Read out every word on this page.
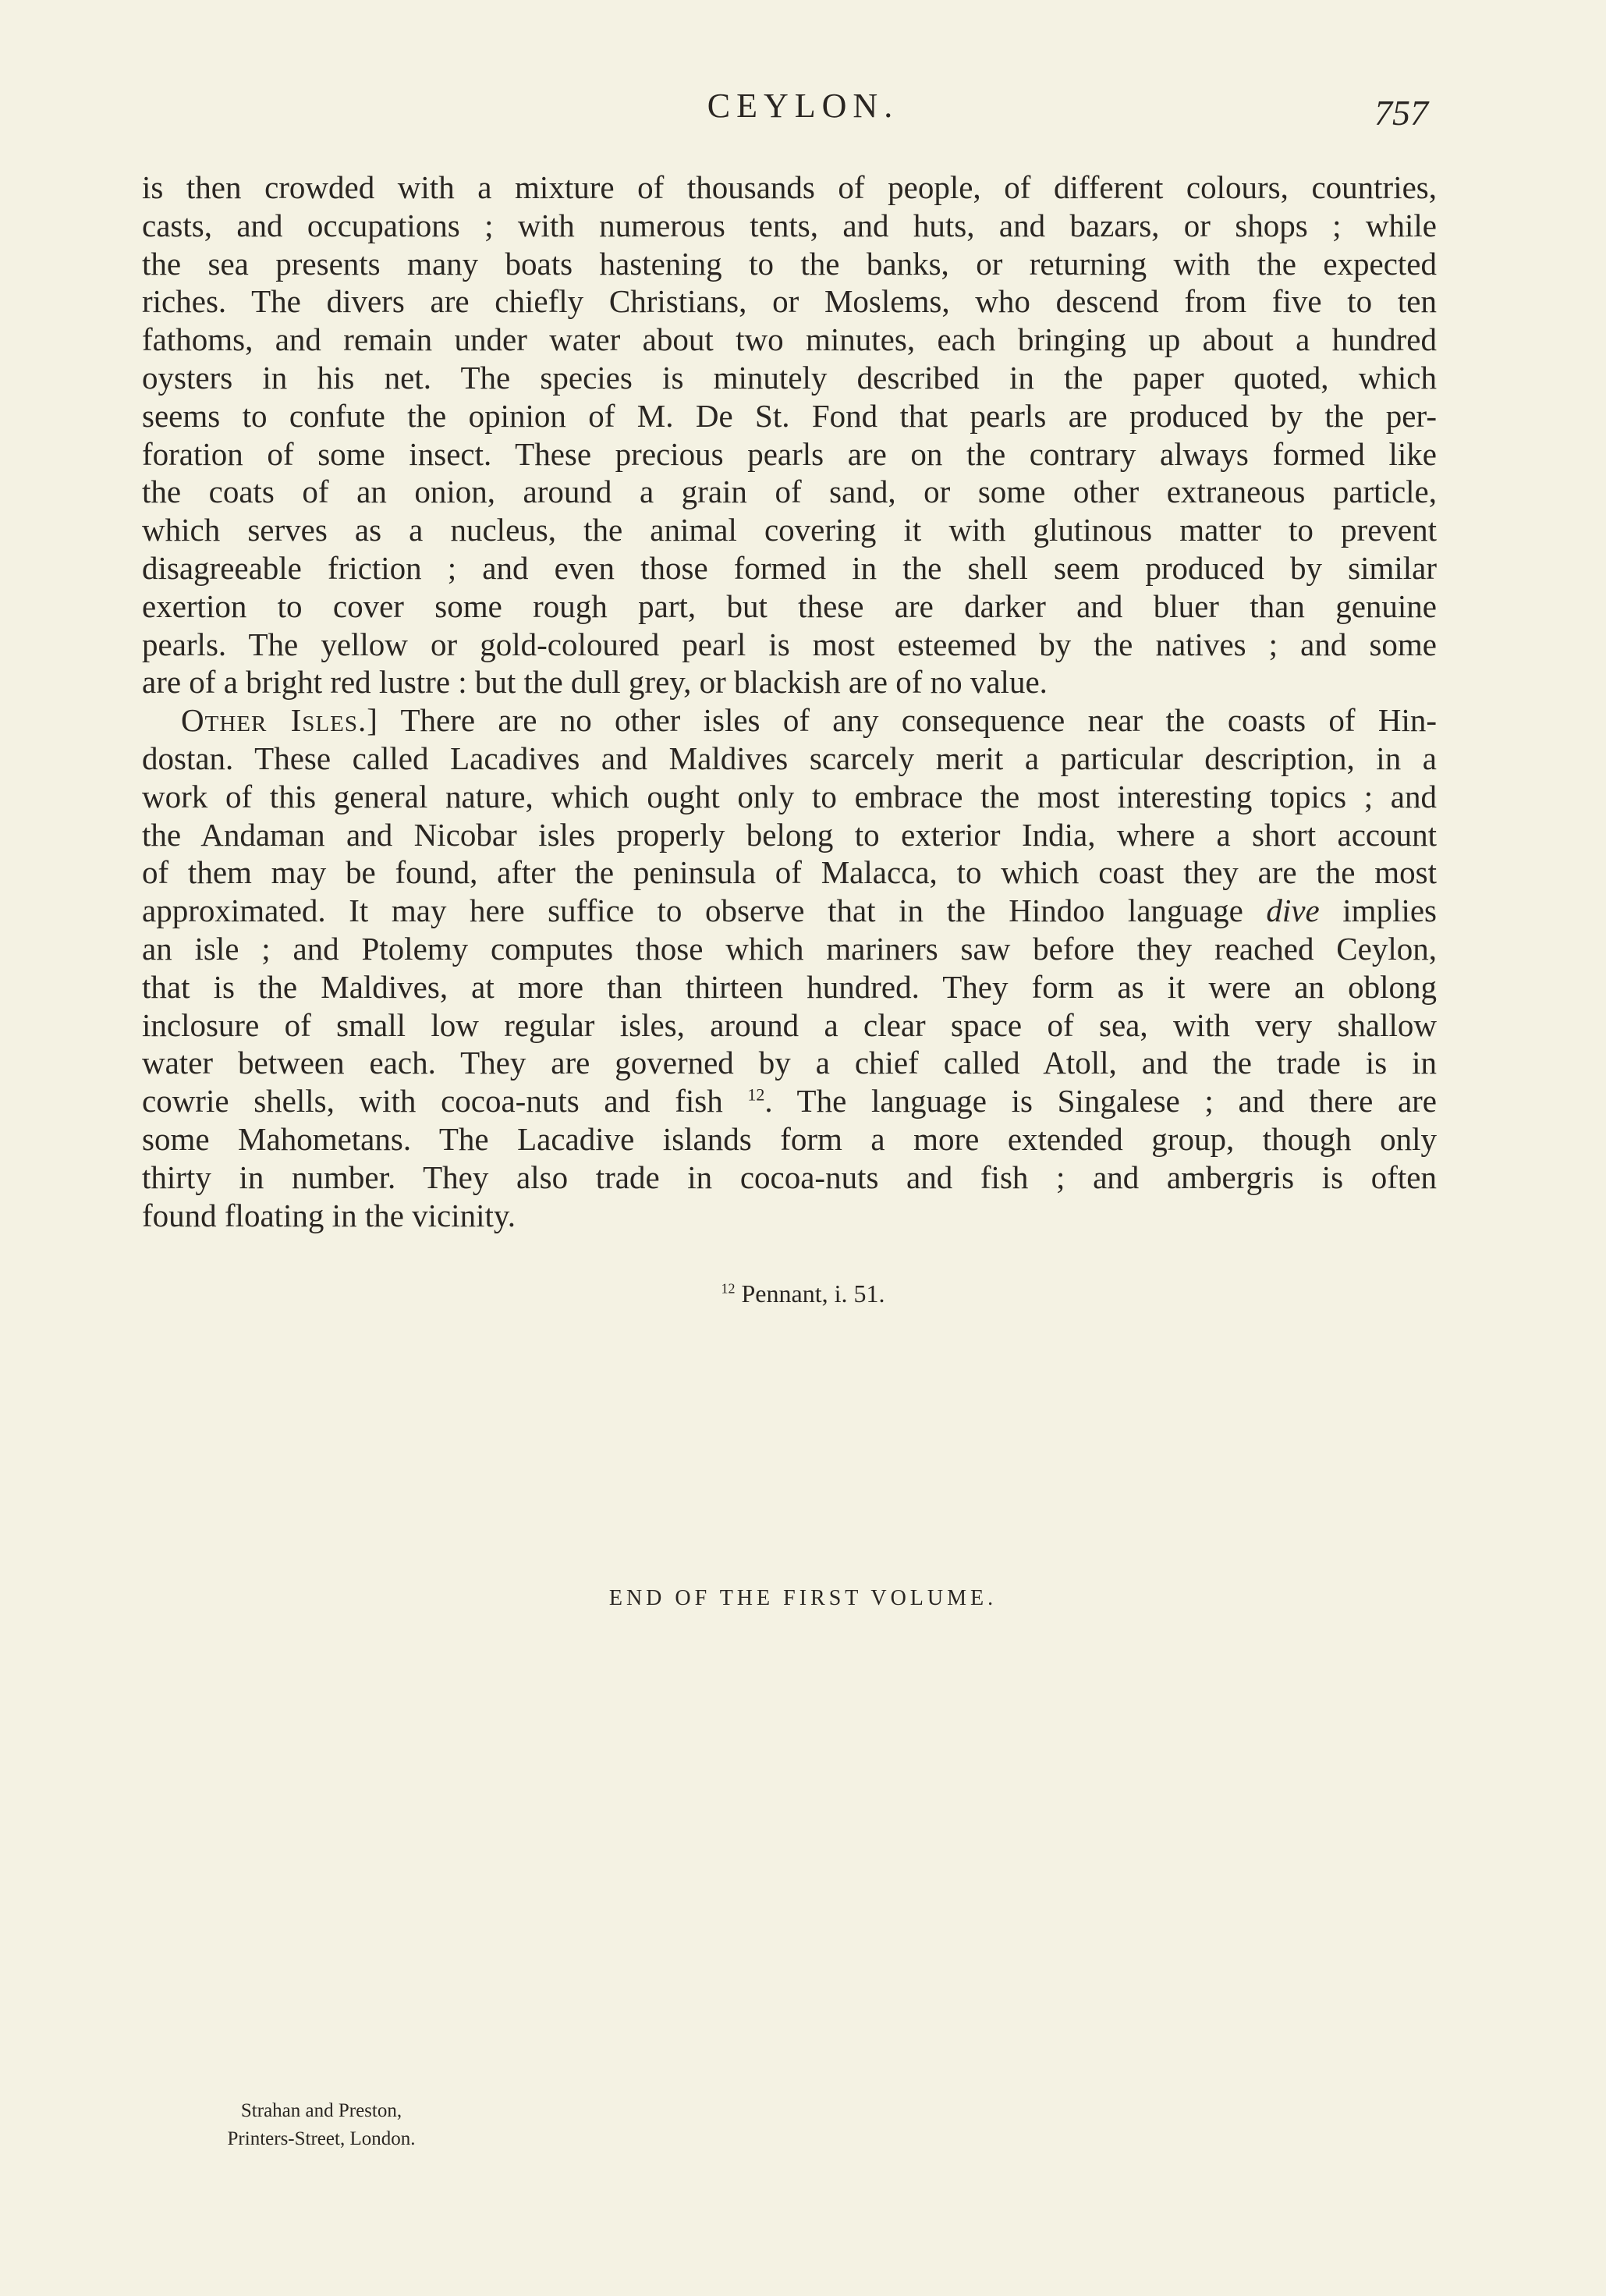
CEYLON.	757
is then crowded with a mixture of thousands of people, of different colours, countries,
casts, and occupations ; with numerous tents, and huts, and bazars, or shops ; while
the sea presents many boats hastening to the banks, or returning with the expected
riches. The divers are chiefly Christians, or Moslems, who descend from five to ten
fathoms, and remain under water about two minutes, each bringing up about a hundred
oysters in his net. The species is minutely described in the paper quoted, which
seems to confute the opinion of M. De St. Fond that pearls are produced by the per-
foration of some insect. These precious pearls are on the contrary always formed like
the coats of an onion, around a grain of sand, or some other extraneous particle,
which serves as a nucleus, the animal covering it with glutinous matter to prevent
disagreeable friction ; and even those formed in the shell seem produced by similar
exertion to cover some rough part, but these are darker and bluer than genuine
pearls. The yellow or gold-coloured pearl is most esteemed by the natives ; and some
are of a bright red lustre : but the dull grey, or blackish are of no value.
Other Isles.] There are no other isles of any consequence near the coasts of Hin-
dostan. These called Lacadives and Maldives scarcely merit a particular description, in a
work of this general nature, which ought only to embrace the most interesting topics ; and
the Andaman and Nicobar isles properly belong to exterior India, where a short account
of them may be found, after the peninsula of Malacca, to which coast they are the most
approximated. It may here suffice to observe that in the Hindoo language dive implies
an isle ; and Ptolemy computes those which mariners saw before they reached Ceylon,
that is the Maldives, at more than thirteen hundred. They form as it were an oblong
inclosure of small low regular isles, around a clear space of sea, with very shallow
water between each. They are governed by a chief called Atoll, and the trade is in
cowrie shells, with cocoa-nuts and fish $^{12}$. The language is Singalese ; and there are
some Mahometans. The Lacadive islands form a more extended group, though only
thirty in number. They also trade in cocoa-nuts and fish ; and ambergris is often
found floating in the vicinity.
$^{12}$ Pennant, i. 51.
END OF THE FIRST VOLUME.
Strahan and Preston,
Printers-Street, London.
